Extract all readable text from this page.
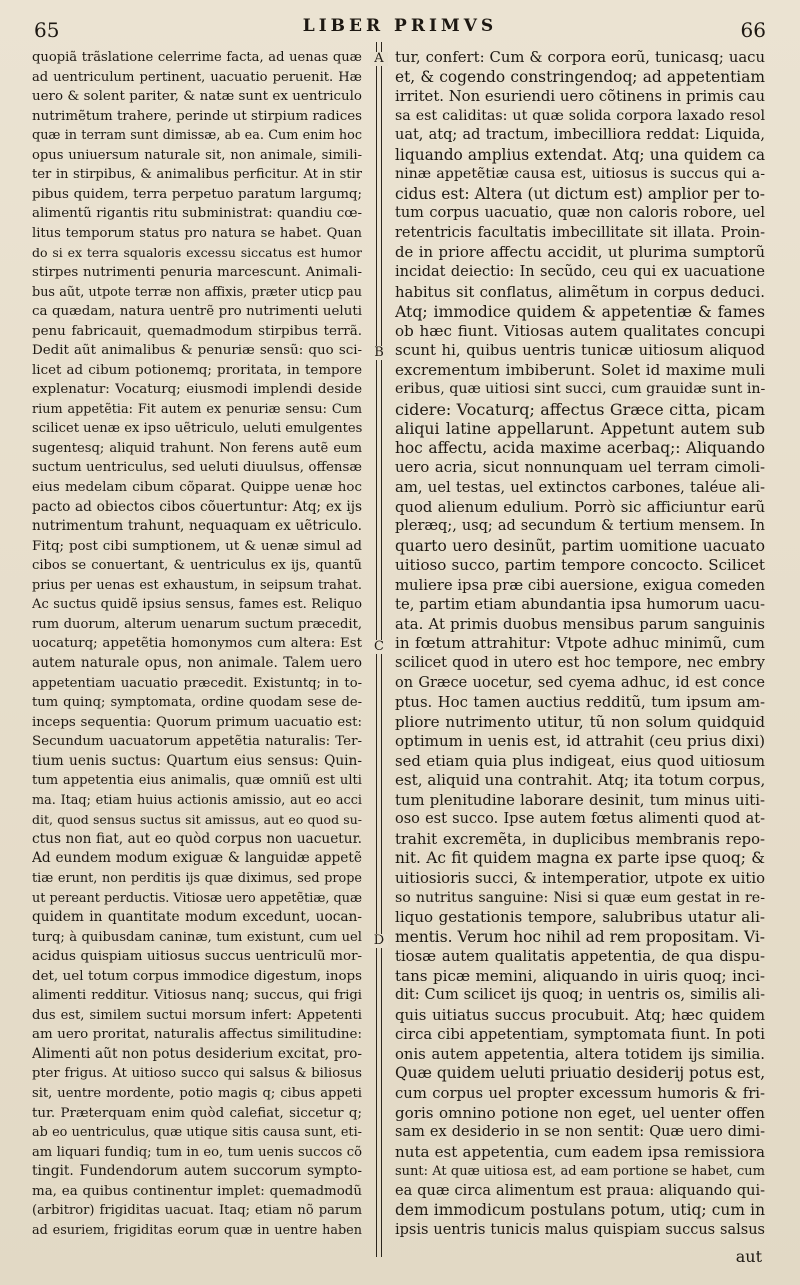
65	LIBER PRIMVS	66
A
B
C
D
quopiã trãslatione celerrime facta, ad uenas quæ
ad uentriculum pertinent, uacuatio peruenit. Hæ
uero & solent pariter, & natæ sunt ex uentriculo
nutrimẽtum trahere, perinde ut stirpium radices
quæ in terram sunt dimissæ, ab ea. Cum enim hoc
opus uniuersum naturale sit, non animale, simili-
ter in stirpibus, & animalibus perficitur. At in stir
pibus quidem, terra perpetuo paratum largumq;
alimentũ rigantis ritu subministrat: quandiu cœ-
litus temporum status pro natura se habet. Quan
do si ex terra squaloris excessu siccatus est humor
stirpes nutrimenti penuria marcescunt. Animali-
bus aũt, utpote terræ non affixis, præter uticp pau
ca quædam, natura uentrẽ pro nutrimenti ueluti
penu fabricauit, quemadmodum stirpibus terrã.
Dedit aũt animalibus & penuriæ sensũ: quo sci-
licet ad cibum potionemq; proritata, in tempore
explenatur: Vocaturq; eiusmodi implendi deside
rium appetẽtia: Fit autem ex penuriæ sensu: Cum
scilicet uenæ ex ipso uẽtriculo, ueluti emulgentes
sugentesq; aliquid trahunt. Non ferens autẽ eum
suctum uentriculus, sed ueluti diuulsus, offensæ
eius medelam cibum cõparat. Quippe uenæ hoc
pacto ad obiectos cibos cõuertuntur: Atq; ex ijs
nutrimentum trahunt, nequaquam ex uẽtriculo.
Fitq; post cibi sumptionem, ut & uenæ simul ad
cibos se conuertant, & uentriculus ex ijs, quantũ
prius per uenas est exhaustum, in seipsum trahat.
Ac suctus quidẽ ipsius sensus, fames est. Reliquo
rum duorum, alterum uenarum suctum præcedit,
uocaturq; appetẽtia homonymos cum altera: Est
autem naturale opus, non animale. Talem uero
appetentiam uacuatio præcedit. Existuntq; in to-
tum quinq; symptomata, ordine quodam sese de-
inceps sequentia: Quorum primum uacuatio est:
Secundum uacuatorum appetẽtia naturalis: Ter-
tium uenis suctus: Quartum eius sensus: Quin-
tum appetentia eius animalis, quæ omniũ est ulti
ma. Itaq; etiam huius actionis amissio, aut eo acci
dit, quod sensus suctus sit amissus, aut eo quod su-
ctus non fiat, aut eo quòd corpus non uacuetur.
Ad eundem modum exiguæ & languidæ appetẽ
tiæ erunt, non perditis ijs quæ diximus, sed prope
ut pereant perductis. Vitiosæ uero appetẽtiæ, quæ
quidem in quantitate modum excedunt, uocan-
turq; à quibusdam caninæ, tum existunt, cum uel
acidus quispiam uitiosus succus uentriculũ mor-
det, uel totum corpus immodice digestum, inops
alimenti redditur. Vitiosus nanq; succus, qui frigi
dus est, similem suctui morsum infert: Appetenti
am uero proritat, naturalis affectus similitudine:
Alimenti aũt non potus desiderium excitat, pro-
pter frigus. At uitioso succo qui salsus & biliosus
sit, uentre mordente, potio magis q; cibus appeti
tur. Præterquam enim quòd calefiat, siccetur q;
ab eo uentriculus, quæ utique sitis causa sunt, eti-
am liquari fundiq; tum in eo, tum uenis succos cõ
tingit. Fundendorum autem succorum sympto-
ma, ea quibus continentur implet: quemadmodũ
(arbitror) frigiditas uacuat. Itaq; etiam nõ parum
ad esuriem, frigiditas eorum quæ in uentre haben
tur, confert: Cum & corpora eorũ, tunicasq; uacu
et, & cogendo constringendoq; ad appetentiam
irritet. Non esuriendi uero cõtinens in primis cau
sa est caliditas: ut quæ solida corpora laxado resol
uat, atq; ad tractum, imbecilliora reddat: Liquida,
liquando amplius extendat. Atq; una quidem ca
ninæ appetẽtiæ causa est, uitiosus is succus qui a-
cidus est: Altera (ut dictum est) amplior per to-
tum corpus uacuatio, quæ non caloris robore, uel
retentricis facultatis imbecillitate sit illata. Proin-
de in priore affectu accidit, ut plurima sumptorũ
incidat deiectio: In secũdo, ceu qui ex uacuatione
habitus sit conflatus, alimẽtum in corpus deduci.
Atq; immodice quidem & appetentiæ & fames
ob hæc fiunt. Vitiosas autem qualitates concupi
scunt hi, quibus uentris tunicæ uitiosum aliquod
excrementum imbiberunt. Solet id maxime muli
eribus, quæ uitiosi sint succi, cum grauidæ sunt in-
cidere: Vocaturq; affectus Græce citta, picam
aliqui latine appellarunt. Appetunt autem sub
hoc affectu, acida maxime acerbaq;: Aliquando
uero acria, sicut nonnunquam uel terram cimoli-
am, uel testas, uel extinctos carbones, taléue ali-
quod alienum edulium. Porrò sic afficiuntur earũ
pleræq;, usq; ad secundum & tertium mensem. In
quarto uero desinũt, partim uomitione uacuato
uitioso succo, partim tempore concocto. Scilicet
muliere ipsa præ cibi auersione, exigua comeden
te, partim etiam abundantia ipsa humorum uacu-
ata. At primis duobus mensibus parum sanguinis
in fœtum attrahitur: Vtpote adhuc minimũ, cum
scilicet quod in utero est hoc tempore, nec embry
on Græce uocetur, sed cyema adhuc, id est conce
ptus. Hoc tamen auctius redditũ, tum ipsum am-
pliore nutrimento utitur, tũ non solum quidquid
optimum in uenis est, id attrahit (ceu prius dixi)
sed etiam quia plus indigeat, eius quod uitiosum
est, aliquid una contrahit. Atq; ita totum corpus,
tum plenitudine laborare desinit, tum minus uiti-
oso est succo. Ipse autem fœtus alimenti quod at-
trahit excremẽta, in duplicibus membranis repo-
nit. Ac fit quidem magna ex parte ipse quoq; &
uitiosioris succi, & intemperatior, utpote ex uitio
so nutritus sanguine: Nisi si quæ eum gestat in re-
liquo gestationis tempore, salubribus utatur ali-
mentis. Verum hoc nihil ad rem propositam. Vi-
tiosæ autem qualitatis appetentia, de qua dispu-
tans picæ memini, aliquando in uiris quoq; inci-
dit: Cum scilicet ijs quoq; in uentris os, similis ali-
quis uitiatus succus procubuit. Atq; hæc quidem
circa cibi appetentiam, symptomata fiunt. In poti
onis autem appetentia, altera totidem ijs similia.
Quæ quidem ueluti priuatio desiderij potus est,
cum corpus uel propter excessum humoris & fri-
goris omnino potione non eget, uel uenter offen
sam ex desiderio in se non sentit: Quæ uero dimi-
nuta est appetentia, cum eadem ipsa remissiora
sunt: At quæ uitiosa est, ad eam portione se habet, cum
ea quæ circa alimentum est praua: aliquando qui-
dem immodicum postulans potum, utiq; cum in
ipsis uentris tunicis malus quispiam succus salsus
aut
